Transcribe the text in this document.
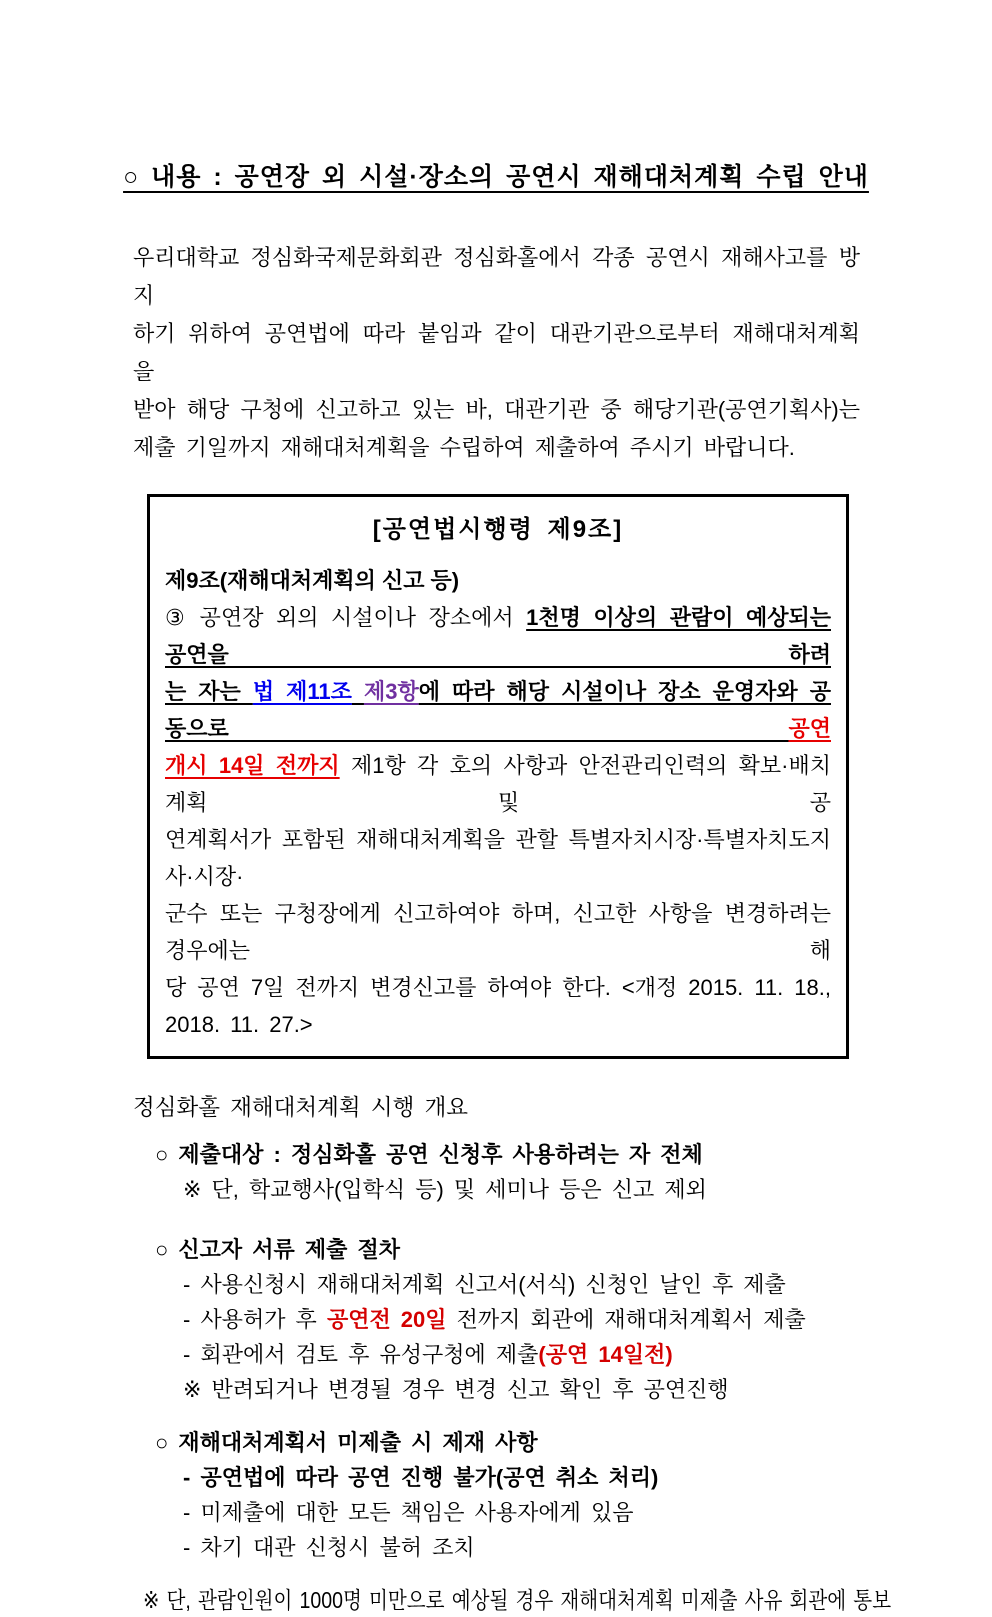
○ 내용 : 공연장 외 시설·장소의 공연시 재해대처계획 수립 안내
우리대학교 정심화국제문화회관 정심화홀에서 각종 공연시 재해사고를 방지
하기 위하여 공연법에 따라 붙임과 같이 대관기관으로부터 재해대처계획을
받아 해당 구청에 신고하고 있는 바, 대관기관 중 해당기관(공연기획사)는
제출 기일까지 재해대처계획을 수립하여 제출하여 주시기 바랍니다.
[공연법시행령 제9조]
제9조(재해대처계획의 신고 등)
③ 공연장 외의 시설이나 장소에서 1천명 이상의 관람이 예상되는 공연을 하려
는 자는 법 제11조 제3항에 따라 해당 시설이나 장소 운영자와 공동으로 공연
개시 14일 전까지 제1항 각 호의 사항과 안전관리인력의 확보·배치계획 및 공
연계획서가 포함된 재해대처계획을 관할 특별자치시장·특별자치도지사·시장·
군수 또는 구청장에게 신고하여야 하며, 신고한 사항을 변경하려는 경우에는 해
당 공연 7일 전까지 변경신고를 하여야 한다. <개정 2015. 11. 18., 2018. 11. 27.>
정심화홀 재해대처계획 시행 개요
○ 제출대상 : 정심화홀 공연 신청후 사용하려는 자 전체
※ 단, 학교행사(입학식 등) 및 세미나 등은 신고 제외
○ 신고자 서류 제출 절차
- 사용신청시 재해대처계획 신고서(서식) 신청인 날인 후 제출
- 사용허가 후 공연전 20일 전까지 회관에 재해대처계획서 제출
- 회관에서 검토 후 유성구청에 제출(공연 14일전)
※ 반려되거나 변경될 경우 변경 신고 확인 후 공연진행
○ 재해대처계획서 미제출 시 제재 사항
- 공연법에 따라 공연 진행 불가(공연 취소 처리)
- 미제출에 대한 모든 책임은 사용자에게 있음
- 차기 대관 신청시 불허 조치
※ 단, 관람인원이 1000명 미만으로 예상될 경우 재해대처계획 미제출 사유 회관에 통보
